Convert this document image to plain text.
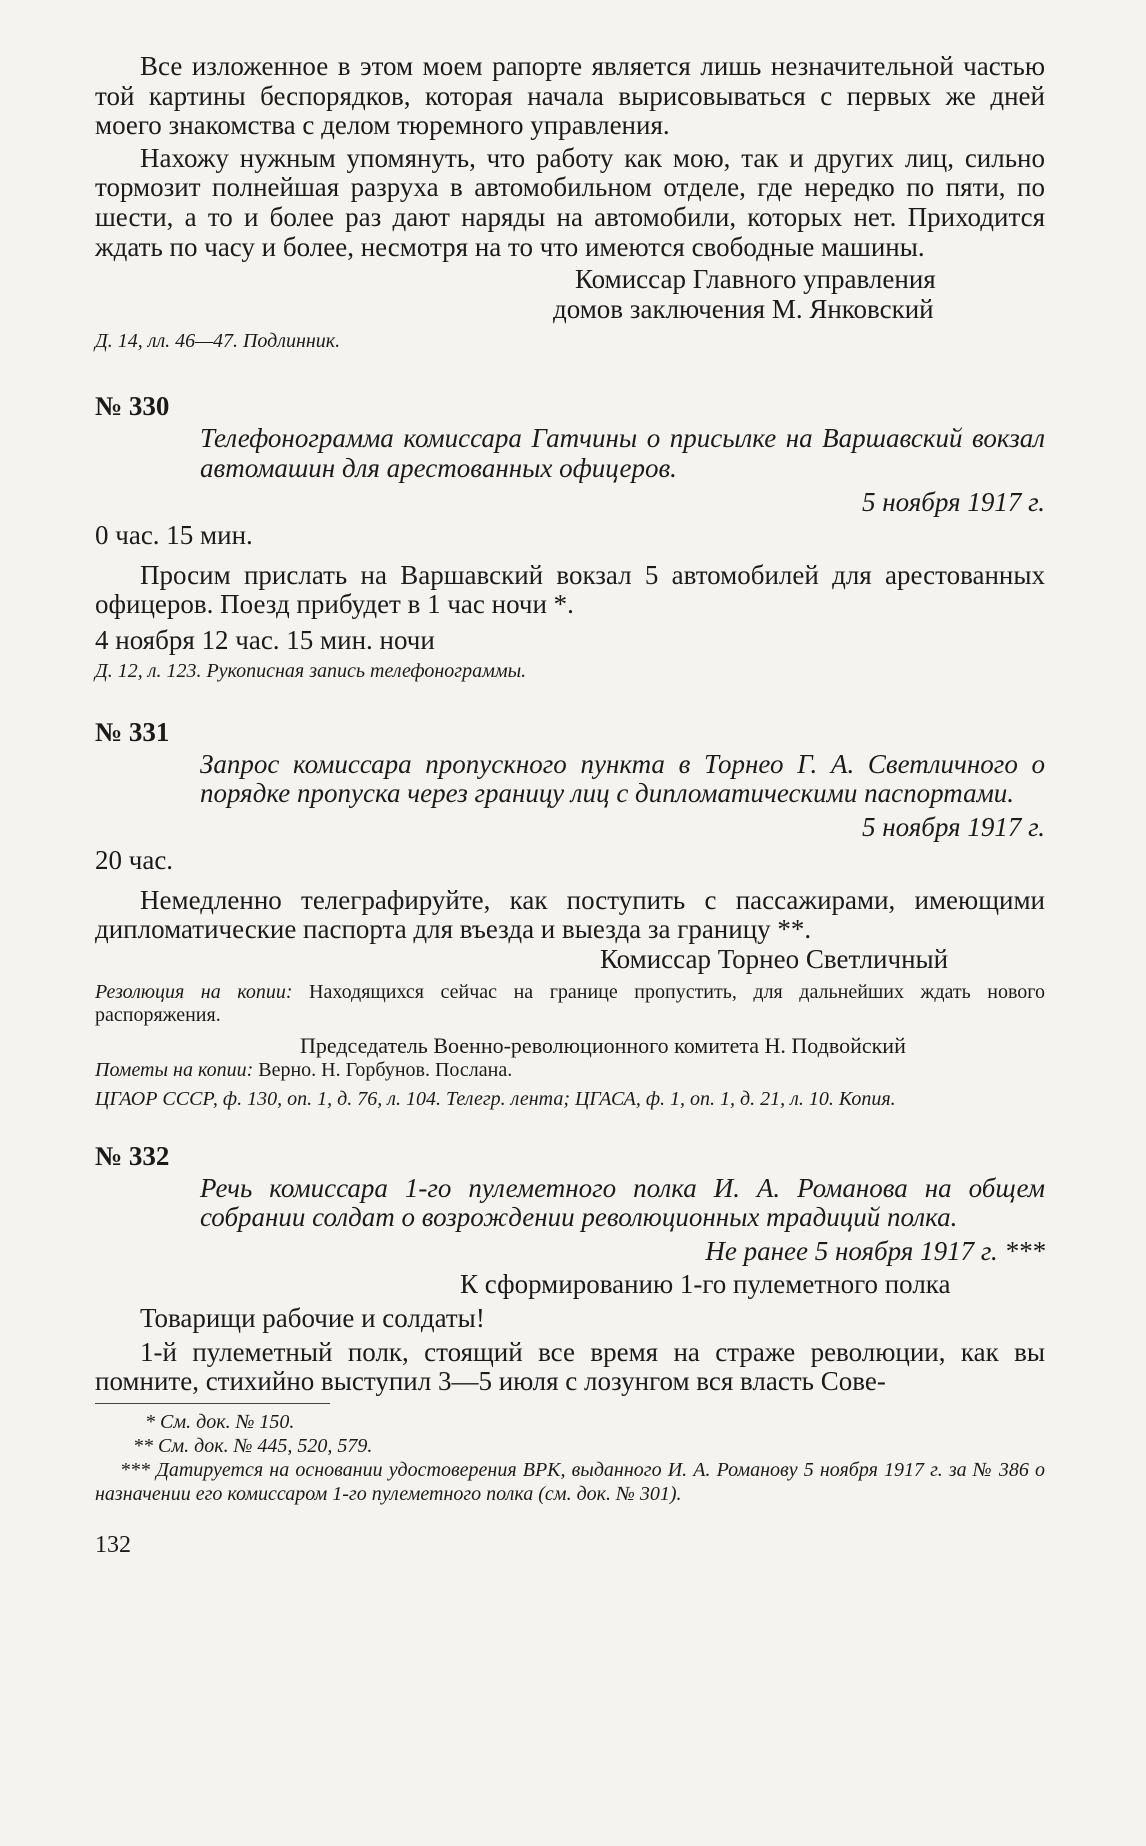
Все изложенное в этом моем рапорте является лишь незначительной частью той картины беспорядков, которая начала вырисовываться с первых же дней моего знакомства с делом тюремного управления.

Нахожу нужным упомянуть, что работу как мою, так и других лиц, сильно тормозит полнейшая разруха в автомобильном отделе, где нередко по пяти, по шести, а то и более раз дают наряды на автомобили, которых нет. Приходится ждать по часу и более, несмотря на то что имеются свободные машины.

Комиссар Главного управления

домов заключения М. Янковский

Д. 14, лл. 46—47. Подлинник.

№ 330

Телефонограмма комиссара Гатчины о присылке на Варшавский вокзал автомашин для арестованных офицеров.

5 ноября 1917 г.

0 час. 15 мин.

Просим прислать на Варшавский вокзал 5 автомобилей для арестованных офицеров. Поезд прибудет в 1 час ночи *.

4 ноября 12 час. 15 мин. ночи

Д. 12, л. 123. Рукописная запись телефонограммы.

№ 331

Запрос комиссара пропускного пункта в Торнео Г. А. Светличного о порядке пропуска через границу лиц с дипломатическими паспортами.

5 ноября 1917 г.

20 час.

Немедленно телеграфируйте, как поступить с пассажирами, имеющими дипломатические паспорта для въезда и выезда за границу **.

Комиссар Торнео Светличный

Резолюция на копии: Находящихся сейчас на границе пропустить, для дальнейших ждать нового распоряжения.

Председатель Военно-революционного комитета Н. Подвойский

Пометы на копии: Верно. Н. Горбунов. Послана.

ЦГАОР СССР, ф. 130, оп. 1, д. 76, л. 104. Телегр. лента; ЦГАСА, ф. 1, оп. 1, д. 21, л. 10. Копия.

№ 332

Речь комиссара 1-го пулеметного полка И. А. Романова на общем собрании солдат о возрождении революционных традиций полка.

Не ранее 5 ноября 1917 г. ***

К сформированию 1-го пулеметного полка

Товарищи рабочие и солдаты!

1-й пулеметный полк, стоящий все время на страже революции, как вы помните, стихийно выступил 3—5 июля с лозунгом вся власть Сове-

* См. док. № 150.

** См. док. № 445, 520, 579.

*** Датируется на основании удостоверения ВРК, выданного И. А. Романову 5 ноября 1917 г. за № 386 о назначении его комиссаром 1-го пулеметного полка (см. док. № 301).

132
